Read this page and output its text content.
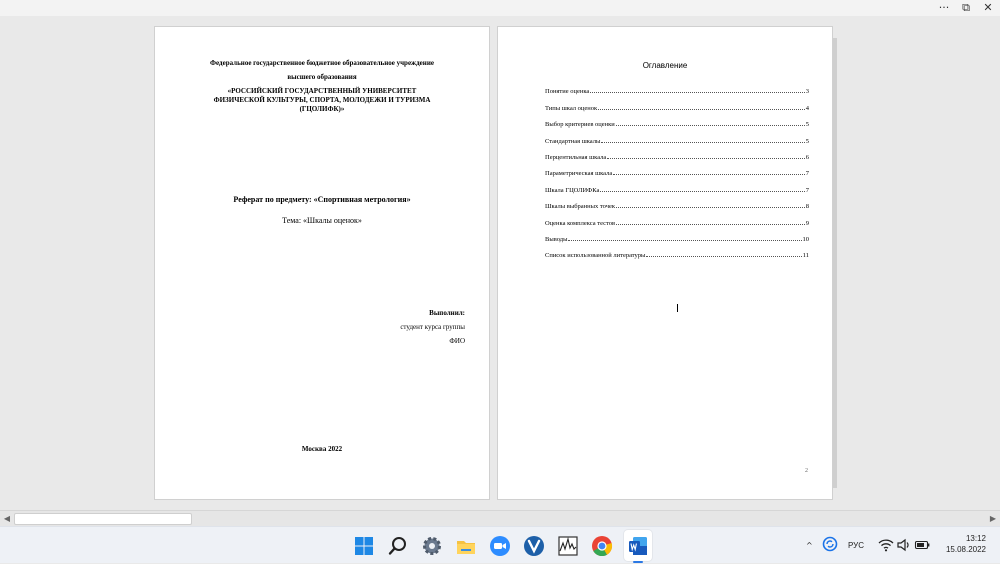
···	⧉	✕
Федеральное государственное бюджетное образовательное учреждение
высшего образования
«РОССИЙСКИЙ ГОСУДАРСТВЕННЫЙ УНИВЕРСИТЕТ
ФИЗИЧЕСКОЙ КУЛЬТУРЫ, СПОРТА, МОЛОДЕЖИ И ТУРИЗМА
(ГЦОЛИФК)»
Реферат по предмету: «Спортивная метрология»
Тема: «Шкалы оценок»
Выполнил:
студент курса группы
ФИО
Москва 2022
Оглавление
Понятие оценка	3
Типы шкал оценок	4
Выбор критериев оценки	5
Стандартная шкалы	5
Перцентильная шкала	6
Параметрическая шкала	7
Шкала ГЦОЛИФКа	7
Шкалы выбранных точек	8
Оценка комплекса тестов	9
Выводы	10
Список использованной литературы	11
2
◀	▶
^	РУС
13:12
15.08.2022
